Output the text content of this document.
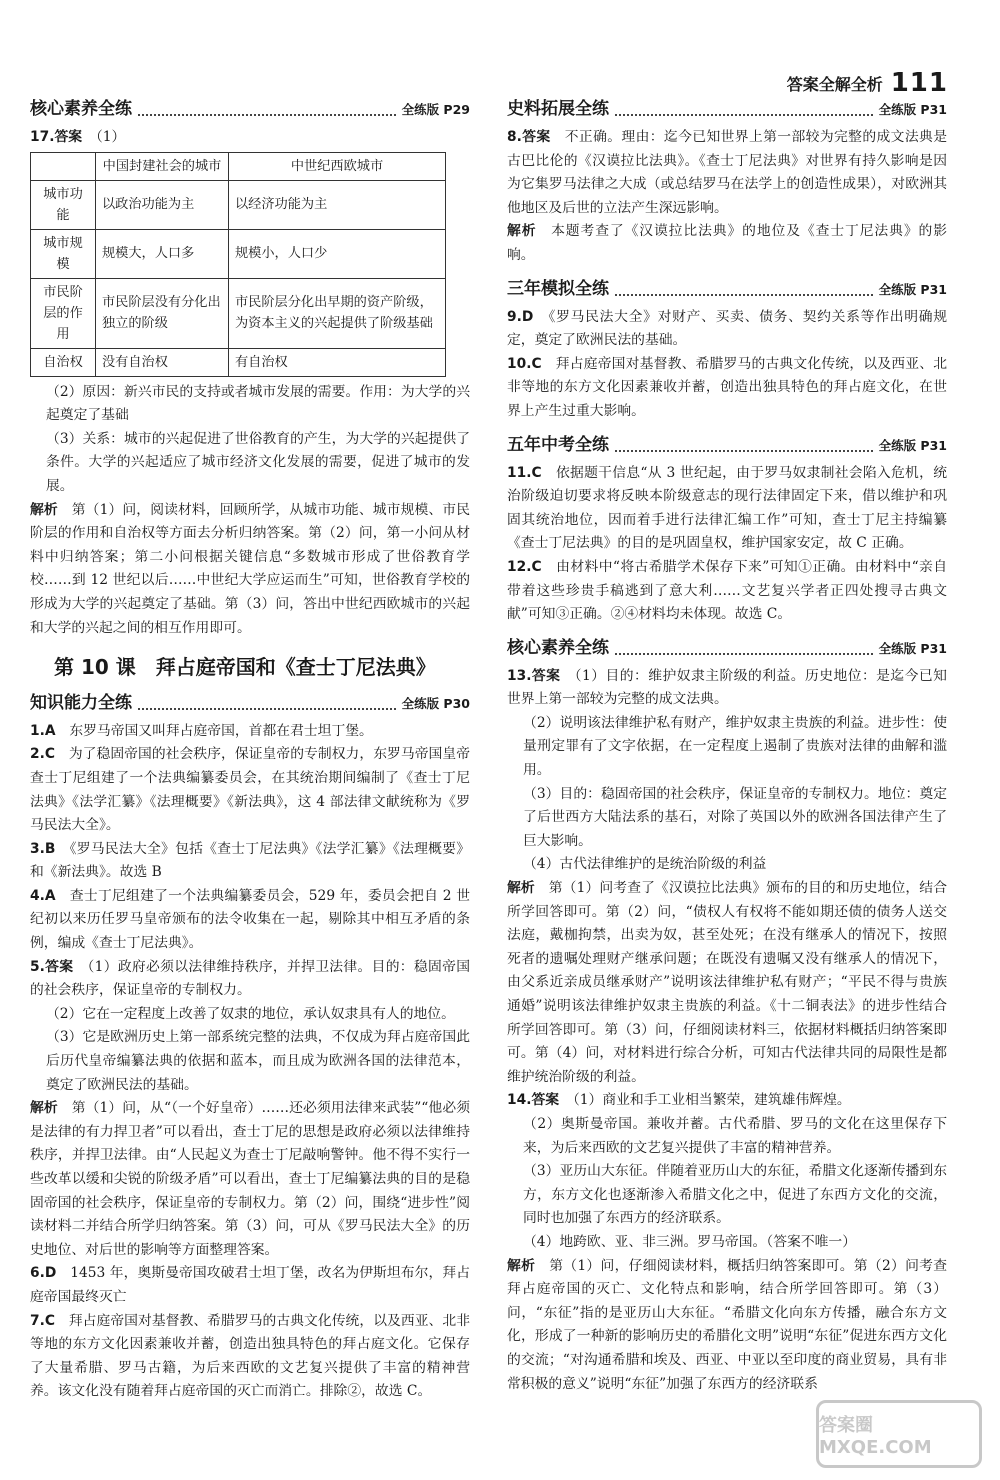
答案全解全析 111
核心素养全练	全练版 P29

17.答案　 （1）

	中国封建社会的城市	中世纪西欧城市
城市功能	以政治功能为主	以经济功能为主
城市规模	规模大，人口多	规模小，人口少
市民阶层的作用	市民阶层没有分化出独立的阶级	市民阶层分化出早期的资产阶级，为资本主义的兴起提供了阶级基础
自治权	没有自治权	有自治权

（2）原因：新兴市民的支持或者城市发展的需要。作用：为大学的兴起奠定了基础

（3）关系：城市的兴起促进了世俗教育的产生，为大学的兴起提供了条件。大学的兴起适应了城市经济文化发展的需要，促进了城市的发展。

解析　 第（1）问，阅读材料，回顾所学，从城市功能、城市规模、市民阶层的作用和自治权等方面去分析归纳答案。第（2）问，第一小问从材料中归纳答案；第二小问根据关键信息“多数城市形成了世俗教育学校……到 12 世纪以后……中世纪大学应运而生”可知，世俗教育学校的形成为大学的兴起奠定了基础。第（3）问，答出中世纪西欧城市的兴起和大学的兴起之间的相互作用即可。

第 10 课　拜占庭帝国和《查士丁尼法典》
知识能力全练	全练版 P30

1.A　 东罗马帝国又叫拜占庭帝国，首都在君士坦丁堡。

2.C　 为了稳固帝国的社会秩序，保证皇帝的专制权力，东罗马帝国皇帝查士丁尼组建了一个法典编纂委员会，在其统治期间编制了《查士丁尼法典》《法学汇纂》《法理概要》《新法典》，这 4 部法律文献统称为《罗马民法大全》。

3.B　 《罗马民法大全》包括《查士丁尼法典》《法学汇纂》《法理概要》和《新法典》。故选 B

4.A　 查士丁尼组建了一个法典编纂委员会，529 年，委员会把自 2 世纪初以来历任罗马皇帝颁布的法令收集在一起，剔除其中相互矛盾的条例，编成《查士丁尼法典》。

5.答案　 （1）政府必须以法律维持秩序，并捍卫法律。目的：稳固帝国的社会秩序，保证皇帝的专制权力。

（2）它在一定程度上改善了奴隶的地位，承认奴隶具有人的地位。

（3）它是欧洲历史上第一部系统完整的法典，不仅成为拜占庭帝国此后历代皇帝编纂法典的依据和蓝本，而且成为欧洲各国的法律范本，奠定了欧洲民法的基础。

解析　 第（1）问，从“（一个好皇帝）……还必须用法律来武装”“他必须是法律的有力捍卫者”可以看出，查士丁尼的思想是政府必须以法律维持秩序，并捍卫法律。由“人民起义为查士丁尼敲响警钟。他不得不实行一些改革以缓和尖锐的阶级矛盾”可以看出，查士丁尼编纂法典的目的是稳固帝国的社会秩序，保证皇帝的专制权力。第（2）问，围绕“进步性”阅读材料二并结合所学归纳答案。第（3）问，可从《罗马民法大全》的历史地位、对后世的影响等方面整理答案。

6.D　 1453 年，奥斯曼帝国攻破君士坦丁堡，改名为伊斯坦布尔，拜占庭帝国最终灭亡

7.C　 拜占庭帝国对基督教、希腊罗马的古典文化传统，以及西亚、北非等地的东方文化因素兼收并蓄，创造出独具特色的拜占庭文化。它保存了大量希腊、罗马古籍，为后来西欧的文艺复兴提供了丰富的精神营养。该文化没有随着拜占庭帝国的灭亡而消亡。排除②，故选 C。

史料拓展全练	全练版 P31

8.答案　 不正确。理由：迄今已知世界上第一部较为完整的成文法典是古巴比伦的《汉谟拉比法典》。《查士丁尼法典》对世界有持久影响是因为它集罗马法律之大成（或总结罗马在法学上的创造性成果），对欧洲其他地区及后世的立法产生深远影响。

解析　 本题考查了《汉谟拉比法典》的地位及《查士丁尼法典》的影响。

三年模拟全练	全练版 P31

9.D　 《罗马民法大全》对财产、买卖、债务、契约关系等作出明确规定，奠定了欧洲民法的基础。

10.C　 拜占庭帝国对基督教、希腊罗马的古典文化传统，以及西亚、北非等地的东方文化因素兼收并蓄，创造出独具特色的拜占庭文化，在世界上产生过重大影响。

五年中考全练	全练版 P31

11.C　 依据题干信息“从 3 世纪起，由于罗马奴隶制社会陷入危机，统治阶级迫切要求将反映本阶级意志的现行法律固定下来，借以维护和巩固其统治地位，因而着手进行法律汇编工作”可知，查士丁尼主持编纂《查士丁尼法典》的目的是巩固皇权，维护国家安定，故 C 正确。

12.C　 由材料中“将古希腊学术保存下来”可知①正确。由材料中“亲自带着这些珍贵手稿逃到了意大利……文艺复兴学者正四处搜寻古典文献”可知③正确。②④材料均未体现。故选 C。

核心素养全练	全练版 P31

13.答案　 （1）目的：维护奴隶主阶级的利益。历史地位：是迄今已知世界上第一部较为完整的成文法典。

（2）说明该法律维护私有财产，维护奴隶主贵族的利益。进步性：使量刑定罪有了文字依据，在一定程度上遏制了贵族对法律的曲解和滥用。

（3）目的：稳固帝国的社会秩序，保证皇帝的专制权力。地位：奠定了后世西方大陆法系的基石，对除了英国以外的欧洲各国法律产生了巨大影响。

（4）古代法律维护的是统治阶级的利益

解析　 第（1）问考查了《汉谟拉比法典》颁布的目的和历史地位，结合所学回答即可。第（2）问，“债权人有权将不能如期还债的债务人送交法庭，戴枷拘禁，出卖为奴，甚至处死；在没有继承人的情况下，按照死者的遗嘱处理财产继承问题；在既没有遗嘱又没有继承人的情况下，由父系近亲成员继承财产”说明该法律维护私有财产；“平民不得与贵族通婚”说明该法律维护奴隶主贵族的利益。《十二铜表法》的进步性结合所学回答即可。第（3）问，仔细阅读材料三，依据材料概括归纳答案即可。第（4）问，对材料进行综合分析，可知古代法律共同的局限性是都维护统治阶级的利益。

14.答案　 （1）商业和手工业相当繁荣，建筑雄伟辉煌。

（2）奥斯曼帝国。兼收并蓄。古代希腊、罗马的文化在这里保存下来，为后来西欧的文艺复兴提供了丰富的精神营养。

（3）亚历山大东征。伴随着亚历山大的东征，希腊文化逐渐传播到东方，东方文化也逐渐渗入希腊文化之中，促进了东西方文化的交流，同时也加强了东西方的经济联系。

（4）地跨欧、亚、非三洲。罗马帝国。（答案不唯一）

解析　 第（1）问，仔细阅读材料，概括归纳答案即可。第（2）问考查拜占庭帝国的灭亡、文化特点和影响，结合所学回答即可。第（3）问，“东征”指的是亚历山大东征。“希腊文化向东方传播，融合东方文化，形成了一种新的影响历史的希腊化文明”说明“东征”促进东西方文化的交流；“对沟通希腊和埃及、西亚、中亚以至印度的商业贸易，具有非常积极的意义”说明“东征”加强了东西方的经济联系

答案圈 MXQE.COM
